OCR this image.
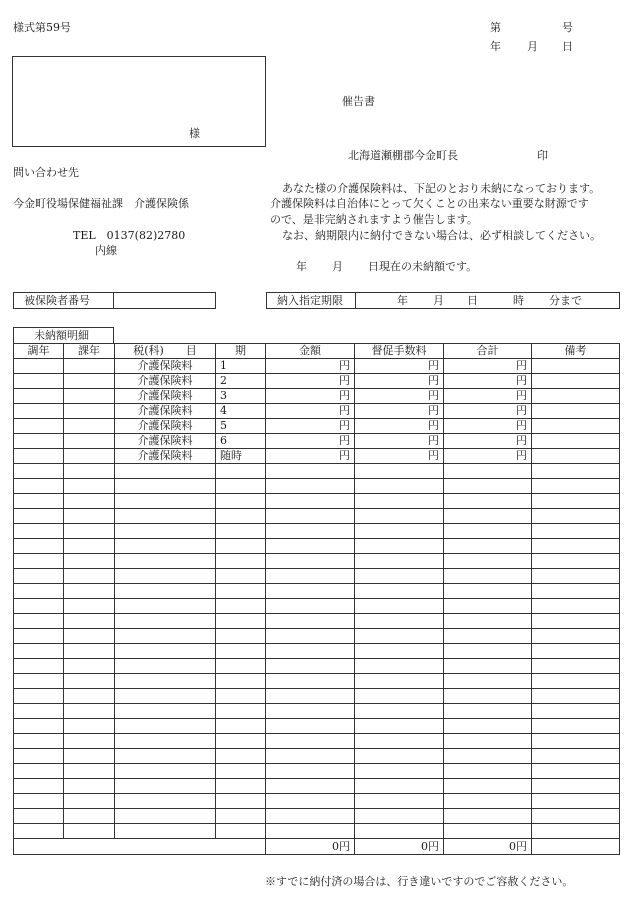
様式第59号	第	号
年 月 日
様
催告書
北海道瀬棚郡今金町長	印
問い合わせ先
今金町役場保健福祉課　介護保険係
TEL　0137(82)2780
内線
あなた様の介護保険料は、下記のとおり未納になっております。
介護保険料は自治体にとって欠くことの出来ない重要な財源です
ので、是非完納されますよう催告します。
なお、納期限内に納付できない場合は、必ず相談してください。
年 月 日現在の未納額です。
被保険者番号	納入指定期限	年 月 日	時 分まで
未納額明細
調年	課年	税(科)　　目	期	金額	督促手数料	合計	備考
		介護保険料	1	円	円	円	
		介護保険料	2	円	円	円	
		介護保険料	3	円	円	円	
		介護保険料	4	円	円	円	
		介護保険料	5	円	円	円	
		介護保険料	6	円	円	円	
		介護保険料	随時	円	円	円	

				0円	0円	0円	
※すでに納付済の場合は、行き違いですのでご容赦ください。
